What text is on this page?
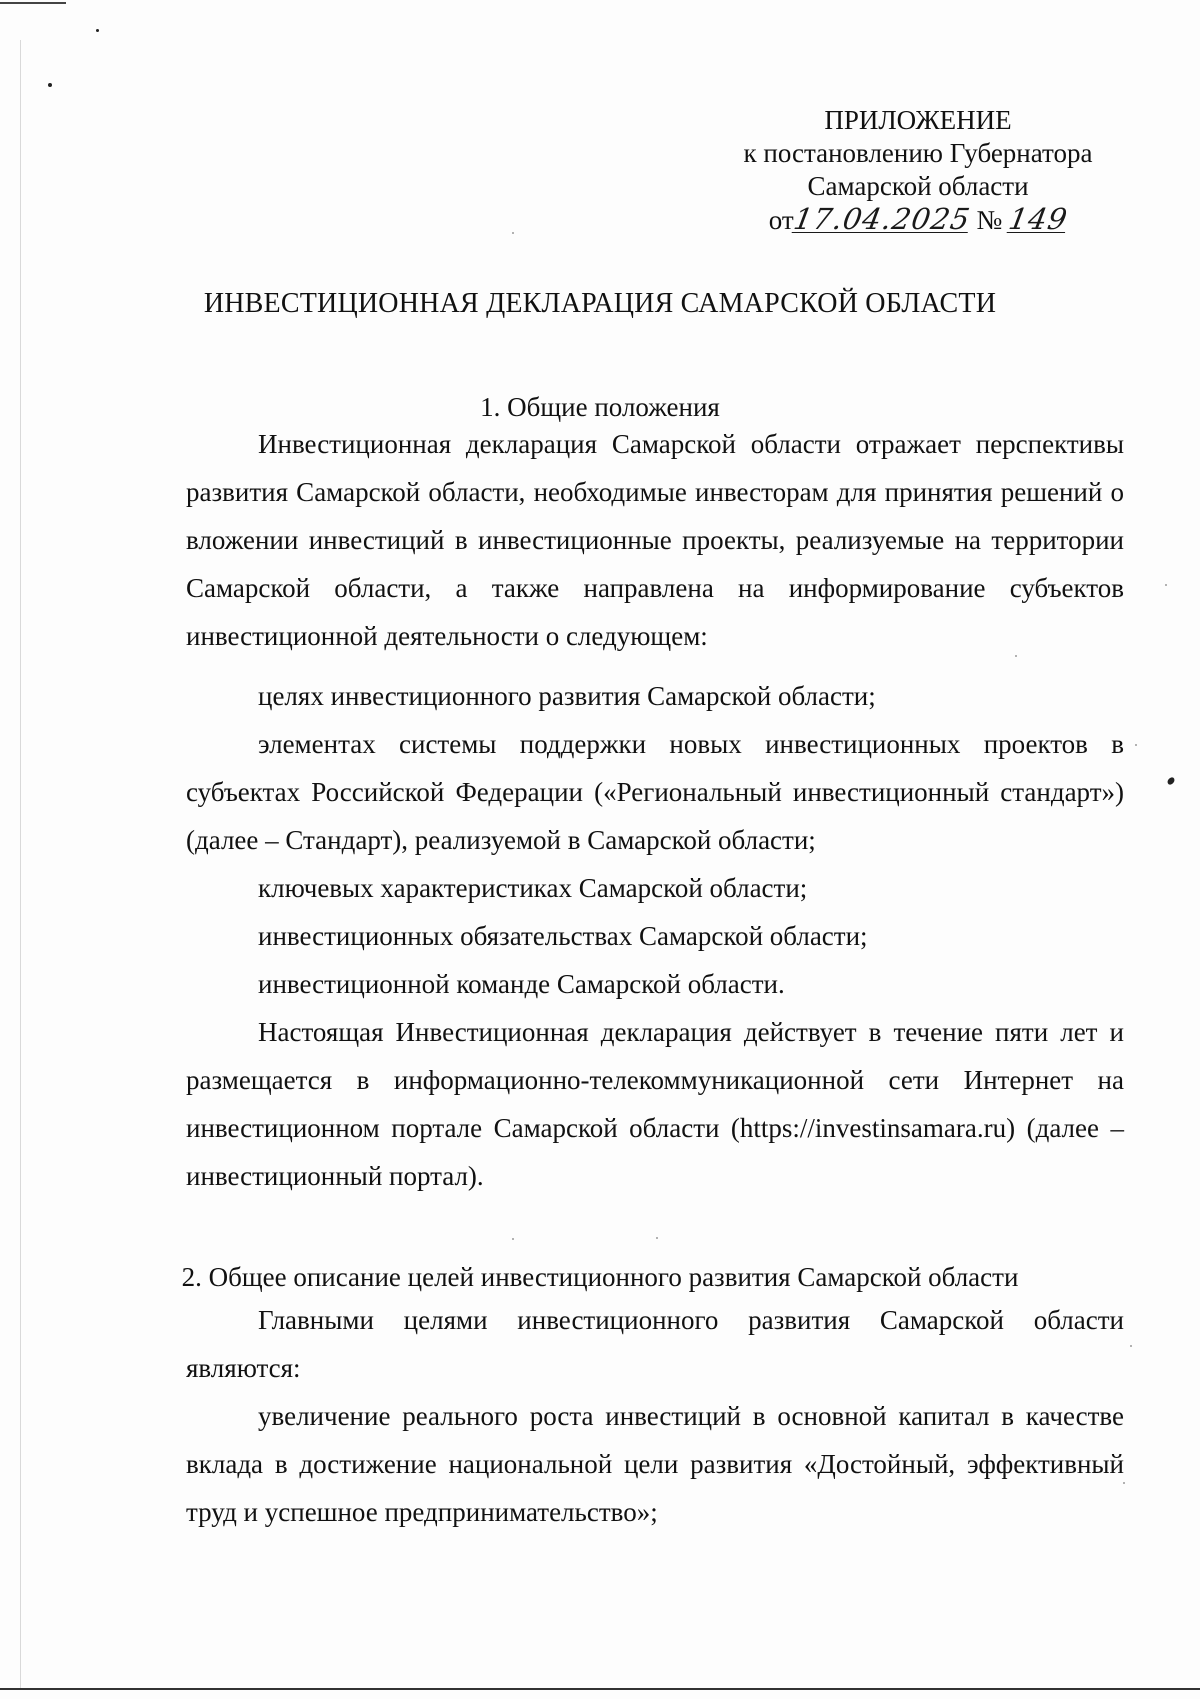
ПРИЛОЖЕНИЕ
к постановлению Губернатора
Самарской области
от17.04.2025 № 149
ИНВЕСТИЦИОННАЯ ДЕКЛАРАЦИЯ САМАРСКОЙ ОБЛАСТИ
1. Общие положения
Инвестиционная декларация Самарской области отражает перспективы развития Самарской области, необходимые инвесторам для принятия решений о вложении инвестиций в инвестиционные проекты, реализуемые на территории Самарской области, а также направлена на информирование субъектов инвестиционной деятельности о следующем:
целях инвестиционного развития Самарской области;
элементах системы поддержки новых инвестиционных проектов в субъектах Российской Федерации («Региональный инвестиционный стандарт») (далее – Стандарт), реализуемой в Самарской области;
ключевых характеристиках Самарской области;
инвестиционных обязательствах Самарской области;
инвестиционной команде Самарской области.
Настоящая Инвестиционная декларация действует в течение пяти лет и размещается в информационно-телекоммуникационной сети Интернет на инвестиционном портале Самарской области (https://investinsamara.ru) (далее – инвестиционный портал).
2. Общее описание целей инвестиционного развития Самарской области
Главными целями инвестиционного развития Самарской области являются:
увеличение реального роста инвестиций в основной капитал в качестве вклада в достижение национальной цели развития «Достойный, эффективный труд и успешное предпринимательство»;
